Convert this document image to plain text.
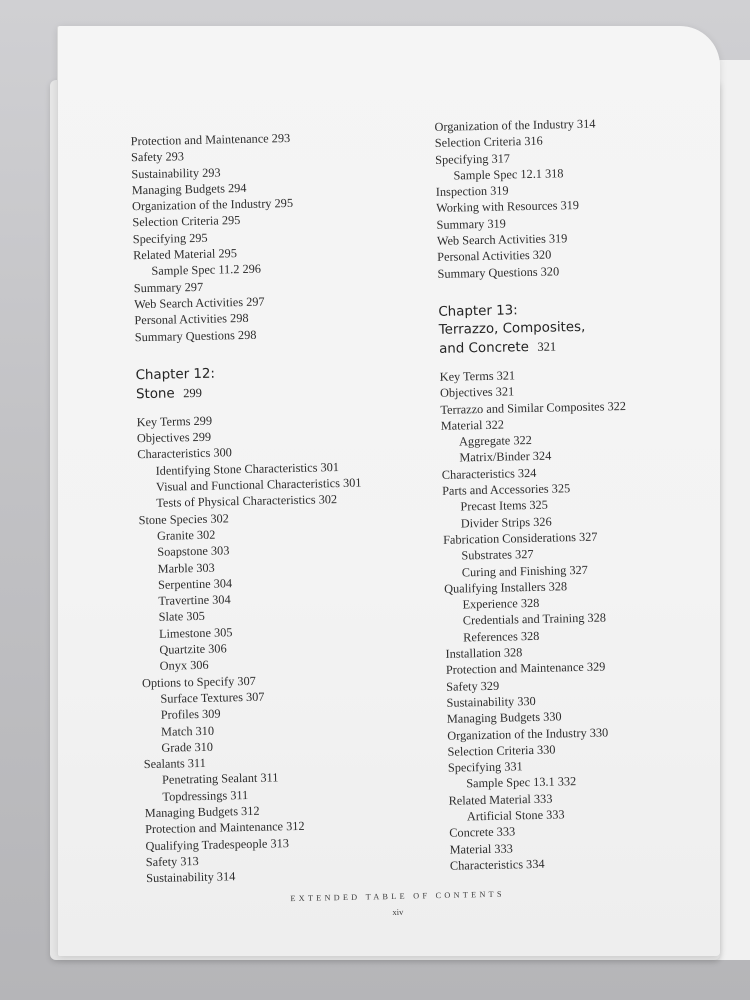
Protection and Maintenance 293
Safety 293
Sustainability 293
Managing Budgets 294
Organization of the Industry 295
Selection Criteria 295
Specifying 295
Related Material 295
Sample Spec 11.2 296
Summary 297
Web Search Activities 297
Personal Activities 298
Summary Questions 298
Chapter 12:
Stone 299
Key Terms 299
Objectives 299
Characteristics 300
Identifying Stone Characteristics 301
Visual and Functional Characteristics 301
Tests of Physical Characteristics 302
Stone Species 302
Granite 302
Soapstone 303
Marble 303
Serpentine 304
Travertine 304
Slate 305
Limestone 305
Quartzite 306
Onyx 306
Options to Specify 307
Surface Textures 307
Profiles 309
Match 310
Grade 310
Sealants 311
Penetrating Sealant 311
Topdressings 311
Managing Budgets 312
Protection and Maintenance 312
Qualifying Tradespeople 313
Safety 313
Sustainability 314
Organization of the Industry 314
Selection Criteria 316
Specifying 317
Sample Spec 12.1 318
Inspection 319
Working with Resources 319
Summary 319
Web Search Activities 319
Personal Activities 320
Summary Questions 320
Chapter 13:
Terrazzo, Composites,
and Concrete 321
Key Terms 321
Objectives 321
Terrazzo and Similar Composites 322
Material 322
Aggregate 322
Matrix/Binder 324
Characteristics 324
Parts and Accessories 325
Precast Items 325
Divider Strips 326
Fabrication Considerations 327
Substrates 327
Curing and Finishing 327
Qualifying Installers 328
Experience 328
Credentials and Training 328
References 328
Installation 328
Protection and Maintenance 329
Safety 329
Sustainability 330
Managing Budgets 330
Organization of the Industry 330
Selection Criteria 330
Specifying 331
Sample Spec 13.1 332
Related Material 333
Artificial Stone 333
Concrete 333
Material 333
Characteristics 334
EXTENDED TABLE OF CONTENTS
xiv
